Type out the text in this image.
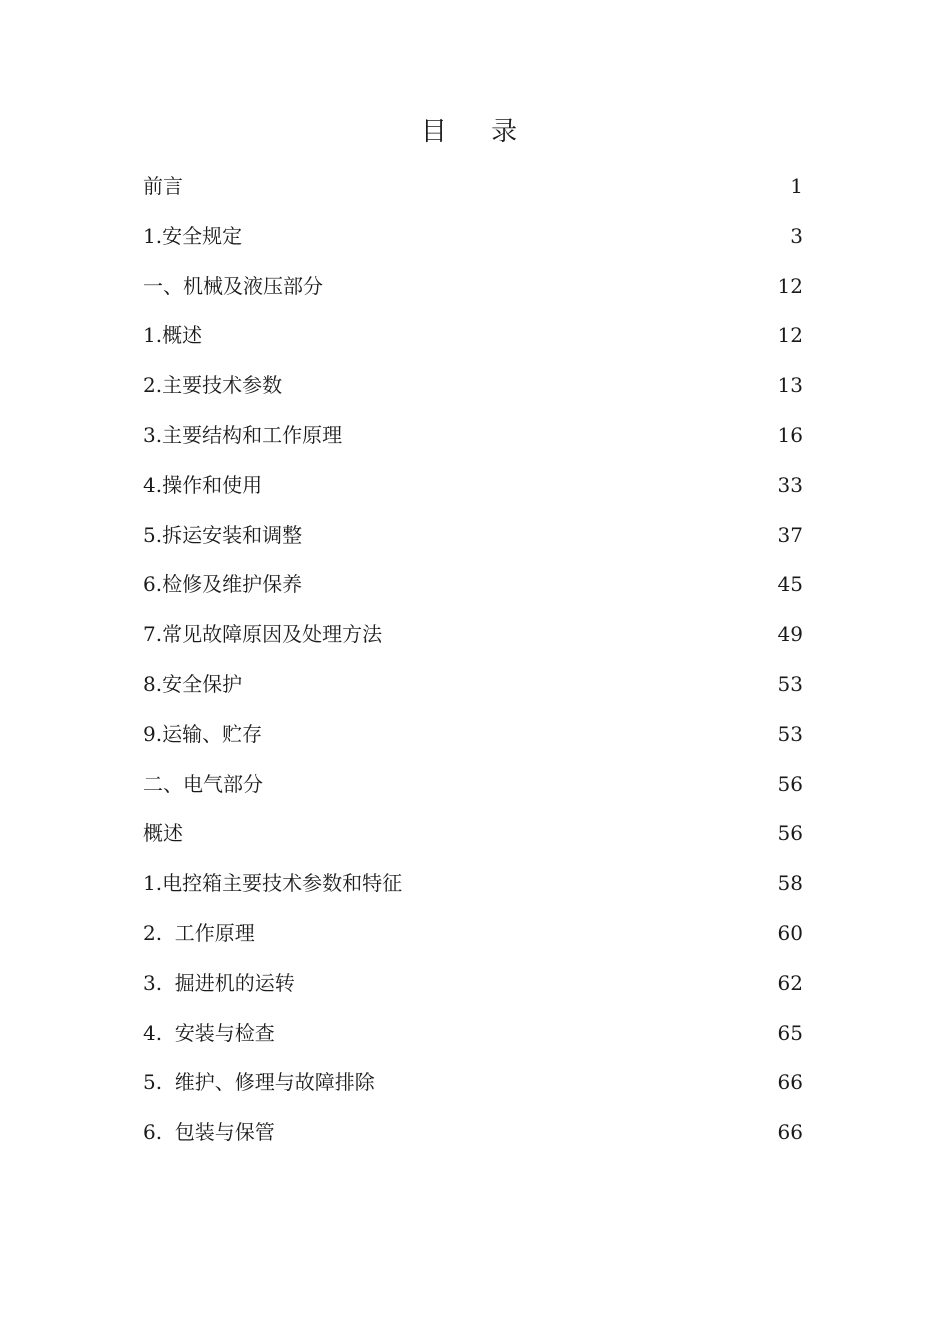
目 录
前言	1
1.安全规定	3
一、机械及液压部分	12
1.概述	12
2.主要技术参数	13
3.主要结构和工作原理	16
4.操作和使用	33
5.拆运安装和调整	37
6.检修及维护保养	45
7.常见故障原因及处理方法	49
8.安全保护	53
9.运输、贮存	53
二、电气部分	56
概述	56
1.电控箱主要技术参数和特征	58
2.  工作原理	60
3.  掘进机的运转	62
4.  安装与检查	65
5.  维护、修理与故障排除	66
6.  包装与保管	66
